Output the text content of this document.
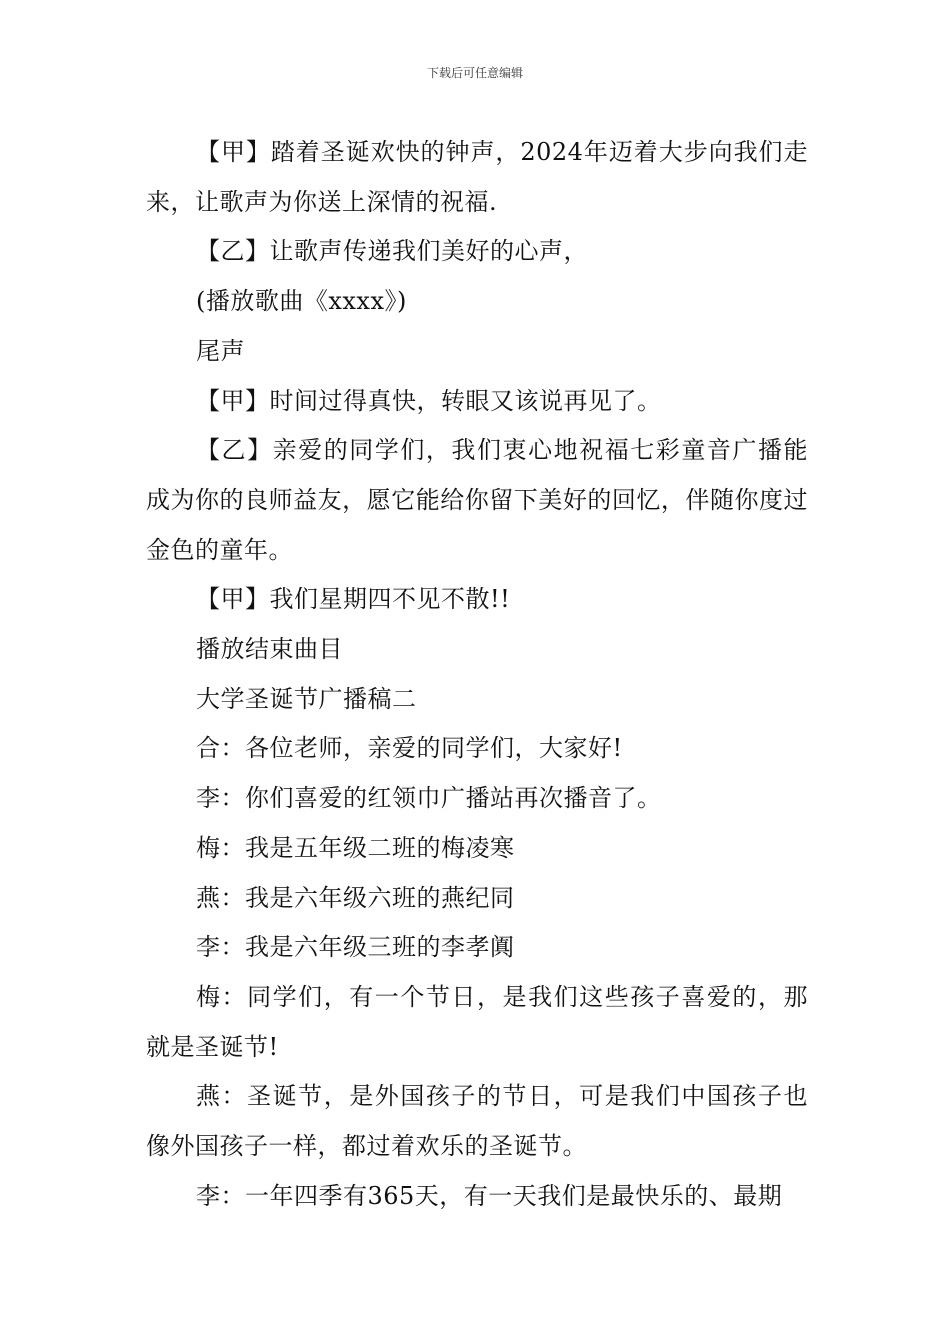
下载后可任意编辑

【甲】踏着圣诞欢快的钟声，2024年迈着大步向我们走来，让歌声为你送上深情的祝福.

【乙】让歌声传递我们美好的心声，

(播放歌曲《xxxx》)

尾声

【甲】时间过得真快，转眼又该说再见了。

【乙】亲爱的同学们，我们衷心地祝福七彩童音广播能成为你的良师益友，愿它能给你留下美好的回忆，伴随你度过金色的童年。

【甲】我们星期四不见不散!!

播放结束曲目

大学圣诞节广播稿二

合：各位老师，亲爱的同学们，大家好!

李：你们喜爱的红领巾广播站再次播音了。

梅：我是五年级二班的梅凌寒

燕：我是六年级六班的燕纪同

李：我是六年级三班的李孝阗

梅：同学们，有一个节日，是我们这些孩子喜爱的，那就是圣诞节!

燕：圣诞节，是外国孩子的节日，可是我们中国孩子也像外国孩子一样，都过着欢乐的圣诞节。

李：一年四季有365天，有一天我们是最快乐的、最期
